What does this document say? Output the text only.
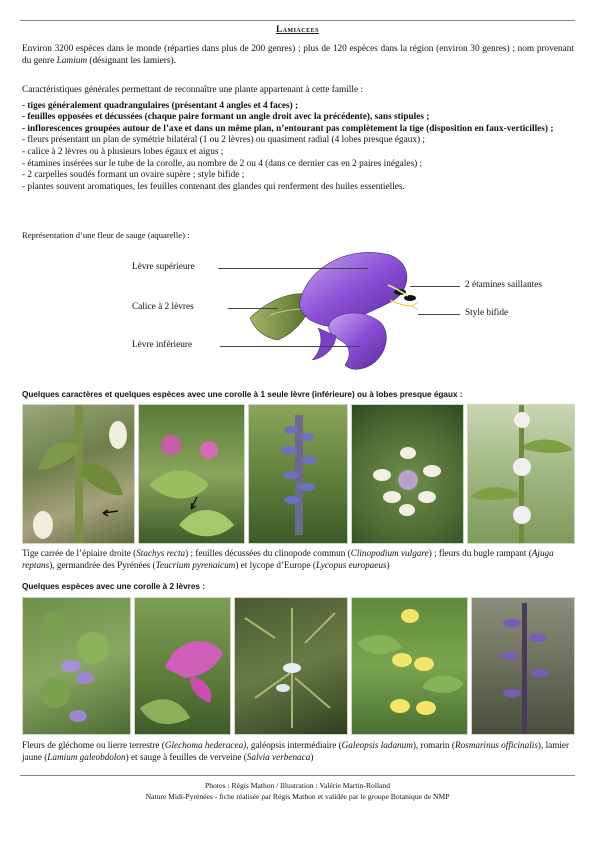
Lamiacees
Environ 3200 espèces dans le monde (réparties dans plus de 200 genres) ; plus de 120 espèces dans la région (environ 30 genres) ; nom provenant du genre Lamium (désignant les lamiers).
Caractéristiques générales permettant de reconnaître une plante appartenant à cette famille :
- tiges généralement quadrangulaires (présentant 4 angles et 4 faces) ;
- feuilles opposées et décussées (chaque paire formant un angle droit avec la précédente), sans stipules ;
- inflorescences groupées autour de l’axe et dans un même plan, n’entourant pas complètement la tige (disposition en faux-verticilles) ;
- fleurs présentant un plan de symétrie bilatéral (1 ou 2 lèvres) ou quasiment radial (4 lobes presque égaux) ;
- calice à 2 lèvres ou à plusieurs lobes égaux et aigus ;
- étamines insérées sur le tube de la corolle, au nombre de 2 ou 4 (dans ce dernier cas en 2 paires inégales) ;
- 2 carpelles soudés formant un ovaire supère ; style bifide ;
- plantes souvent aromatiques, les feuilles contenant des glandes qui renferment des huiles essentielles.
Représentation d’une fleur de sauge (aquarelle) :
Lèvre supérieure
Calice à 2 lèvres
Lèvre inférieure
2 étamines saillantes
Style bifide
Quelques caractères et quelques espèces avec une corolle à 1 seule lèvre (inférieure) ou à lobes presque égaux :
Tige carrée de l’épiaire droite (Stachys recta) ; feuilles décussées du clinopode commun (Clinopodium vulgare) ; fleurs du bugle rampant (Ajuga reptans), germandrée des Pyrénées (Teucrium pyrenaicum) et lycope d’Europe (Lycopus europaeus)
Quelques espèces avec une corolle à 2 lèvres :
Fleurs de gléchome ou lierre terrestre (Glechoma hederacea), galéopsis intermédiaire (Galeopsis ladanum), romarin (Rosmarinus officinalis), lamier jaune (Lamium galeobdolon) et sauge à feuilles de verveine (Salvia verbenaca)
Photos : Régis Mathon / Illustration : Valérie Martin-Rolland
Nature Midi-Pyrénées - fiche réalisée par Régis Mathon et validée par le groupe Botanique de NMP
